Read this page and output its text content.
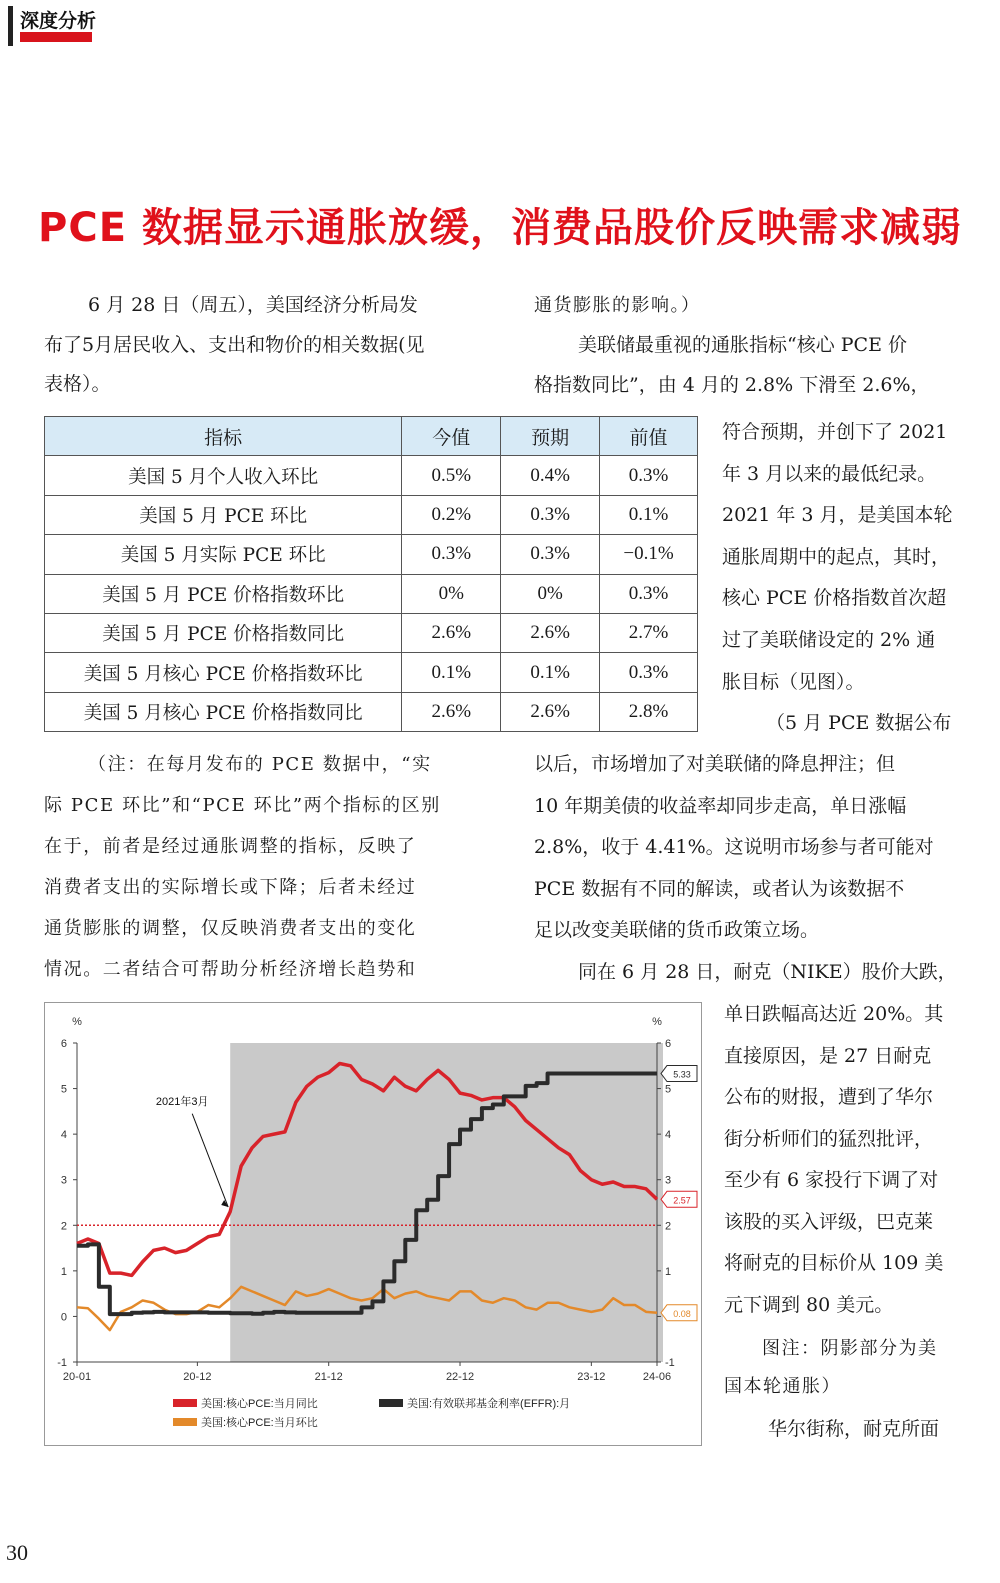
深度分析
PCE 数据显示通胀放缓，消费品股价反映需求减弱
6 月 28 日（周五），美国经济分析局发
布了5月居民收入、支出和物价的相关数据(见
表格）。
指标	今值	预期	前值
美国 5 月个人收入环比	0.5%	0.4%	0.3%
美国 5 月 PCE 环比	0.2%	0.3%	0.1%
美国 5 月实际 PCE 环比	0.3%	0.3%	−0.1%
美国 5 月 PCE 价格指数环比	0%	0%	0.3%
美国 5 月 PCE 价格指数同比	2.6%	2.6%	2.7%
美国 5 月核心 PCE 价格指数环比	0.1%	0.1%	0.3%
美国 5 月核心 PCE 价格指数同比	2.6%	2.6%	2.8%
（注：在每月发布的 PCE 数据中，“实
际 PCE 环比”和“PCE 环比”两个指标的区别
在于，前者是经过通胀调整的指标，反映了
消费者支出的实际增长或下降；后者未经过
通货膨胀的调整，仅反映消费者支出的变化
情况。二者结合可帮助分析经济增长趋势和
通货膨胀的影响。）
美联储最重视的通胀指标“核心 PCE 价
格指数同比”，由 4 月的 2.8% 下滑至 2.6%，
符合预期，并创下了 2021
年 3 月以来的最低纪录。
2021 年 3 月，是美国本轮
通胀周期中的起点，其时，
核心 PCE 价格指数首次超
过了美联储设定的 2% 通
胀目标（见图）。
（5 月 PCE 数据公布
以后，市场增加了对美联储的降息押注；但
10 年期美债的收益率却同步走高，单日涨幅
2.8%，收于 4.41%。这说明市场参与者可能对
PCE 数据有不同的解读，或者认为该数据不
足以改变美联储的货币政策立场。
同在 6 月 28 日，耐克（NIKE）股价大跌，
单日跌幅高达近 20%。其
直接原因，是 27 日耐克
公布的财报，遭到了华尔
街分析师们的猛烈批评，
至少有 6 家投行下调了对
该股的买入评级，巴克莱
将耐克的目标价从 109 美
元下调到 80 美元。
图注：阴影部分为美
国本轮通胀）
华尔街称，耐克所面
%	%
-1	-1
0
1	1
2	2
3	3
4	4
5	5
6	6
20-01	20-12	21-12	22-12	23-12	24-06
2021年3月
5.33
2.57
0.08
美国:核心PCE:当月同比	美国:有效联邦基金利率(EFFR):月
美国:核心PCE:当月环比
30
